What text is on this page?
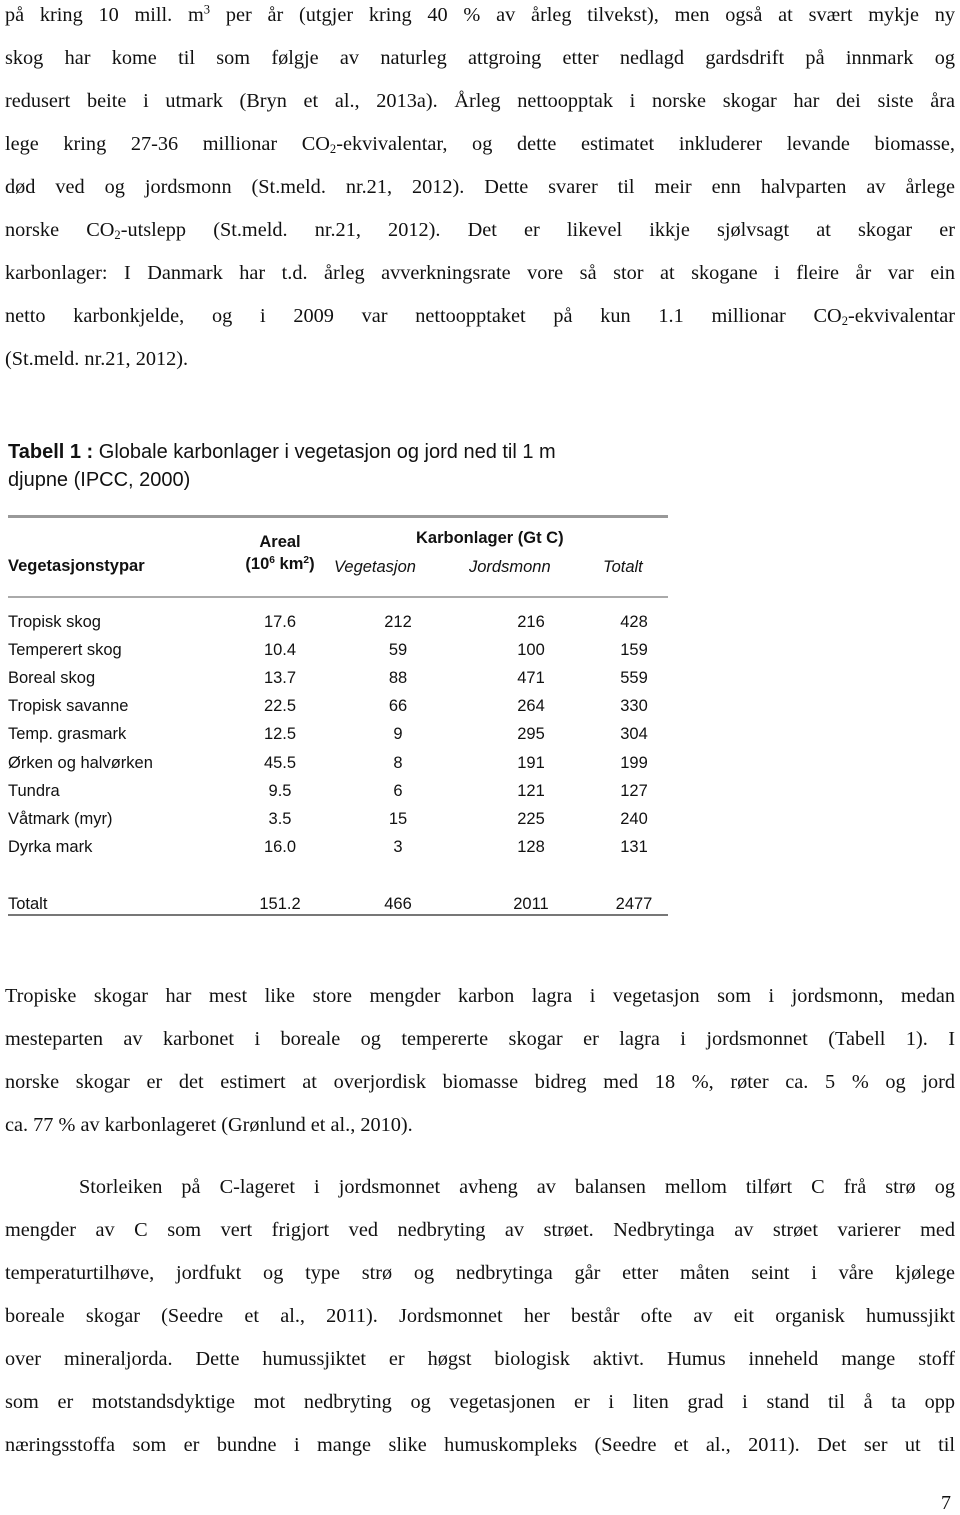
på kring 10 mill. $m^3$ per år (utgjer kring 40 % av årleg tilvekst), men også at svært mykje ny
skog har kome til som følgje av naturleg attgroing etter nedlagd gardsdrift på innmark og
redusert beite i utmark (Bryn et al., 2013a). Årleg nettoopptak i norske skogar har dei siste åra
lege kring 27-36 millionar $CO_2$-ekvivalentar, og dette estimatet inkluderer levande biomasse,
død ved og jordsmonn (St.meld. nr.21, 2012). Dette svarer til meir enn halvparten av årlege
norske $CO_2$-utslepp (St.meld. nr.21, 2012). Det er likevel ikkje sjølvsagt at skogar er
karbonlager: I Danmark har t.d. årleg avverkningsrate vore så stor at skogane i fleire år var ein
netto karbonkjelde, og i 2009 var nettoopptaket på kun 1.1 millionar $CO_2$-ekvivalentar
(St.meld. nr.21, 2012).
Tabell 1 : Globale karbonlager i vegetasjon og jord ned til 1 m
djupne (IPCC, 2000)
Vegetasjonstypar
Areal
($10^6$ $km^2$)
Karbonlager (Gt C)
Vegetasjon	Jordsmonn	Totalt
Tropisk skog	17.6	212	216	428
Temperert skog	10.4	59	100	159
Boreal skog	13.7	88	471	559
Tropisk savanne	22.5	66	264	330
Temp. grasmark	12.5	9	295	304
Ørken og halvørken	45.5	8	191	199
Tundra	9.5	6	121	127
Våtmark (myr)	3.5	15	225	240
Dyrka mark	16.0	3	128	131
Totalt	151.2	466	2011	2477
Tropiske skogar har mest like store mengder karbon lagra i vegetasjon som i jordsmonn, medan
mesteparten av karbonet i boreale og tempererte skogar er lagra i jordsmonnet (Tabell 1). I
norske skogar er det estimert at overjordisk biomasse bidreg med 18 %, røter ca. 5 % og jord
ca. 77 % av karbonlageret (Grønlund et al., 2010).
Storleiken på C-lageret i jordsmonnet avheng av balansen mellom tilført C frå strø og
mengder av C som vert frigjort ved nedbryting av strøet. Nedbrytinga av strøet varierer med
temperaturtilhøve, jordfukt og type strø og nedbrytinga går etter måten seint i våre kjølege
boreale skogar (Seedre et al., 2011). Jordsmonnet her består ofte av eit organisk humussjikt
over mineraljorda. Dette humussjiktet er høgst biologisk aktivt. Humus inneheld mange stoff
som er motstandsdyktige mot nedbryting og vegetasjonen er i liten grad i stand til å ta opp
næringsstoffa som er bundne i mange slike humuskompleks (Seedre et al., 2011). Det ser ut til
7
